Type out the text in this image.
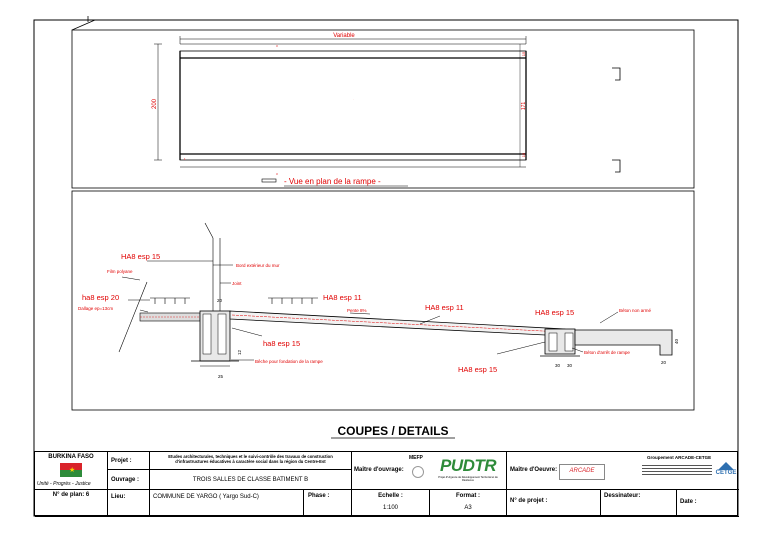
Variable
.
200
15
171
15
1
3
3
- Vue en plan de la rampe -
HA8 esp 15
Film polyane
ha8 esp 20
Dallage ep=13cm
Bord extérieur du mur
Joint
20	HA8 esp 11
Pente 8%	HA8 esp 11
HA8 esp 15	Béton non armé
ha8 esp 15
Bêche pour fondation de la rampe
Béton d'arrêt de rampe
HA8 esp 15	30 30
20
40
25
12
COUPES / DETAILS
BURKINA FASO
★
Unité - Progrès - Justice
N° de plan: 6
Projet :
Etudes architecturales, techniques et le suivi-contrôle des travaux de construction d'infrastructures éducatives à caractère social dans la région du Centre-Est
Ouvrage :	TROIS SALLES DE CLASSE BATIMENT B
Lieu:	COMMUNE DE YARGO ( Yargo Sud-C)	Phase :
Maître d'ouvrage:
MEFP PUDTR
Projet d'Urgence de Développement Territorial et de Résilience
Echelle :
1:100
Format :
A3
Maître d'Oeuvre:
Groupement ARCADE-CETGE
ARCADE	CETGE
N° de projet :
Dessinateur:
Date :
